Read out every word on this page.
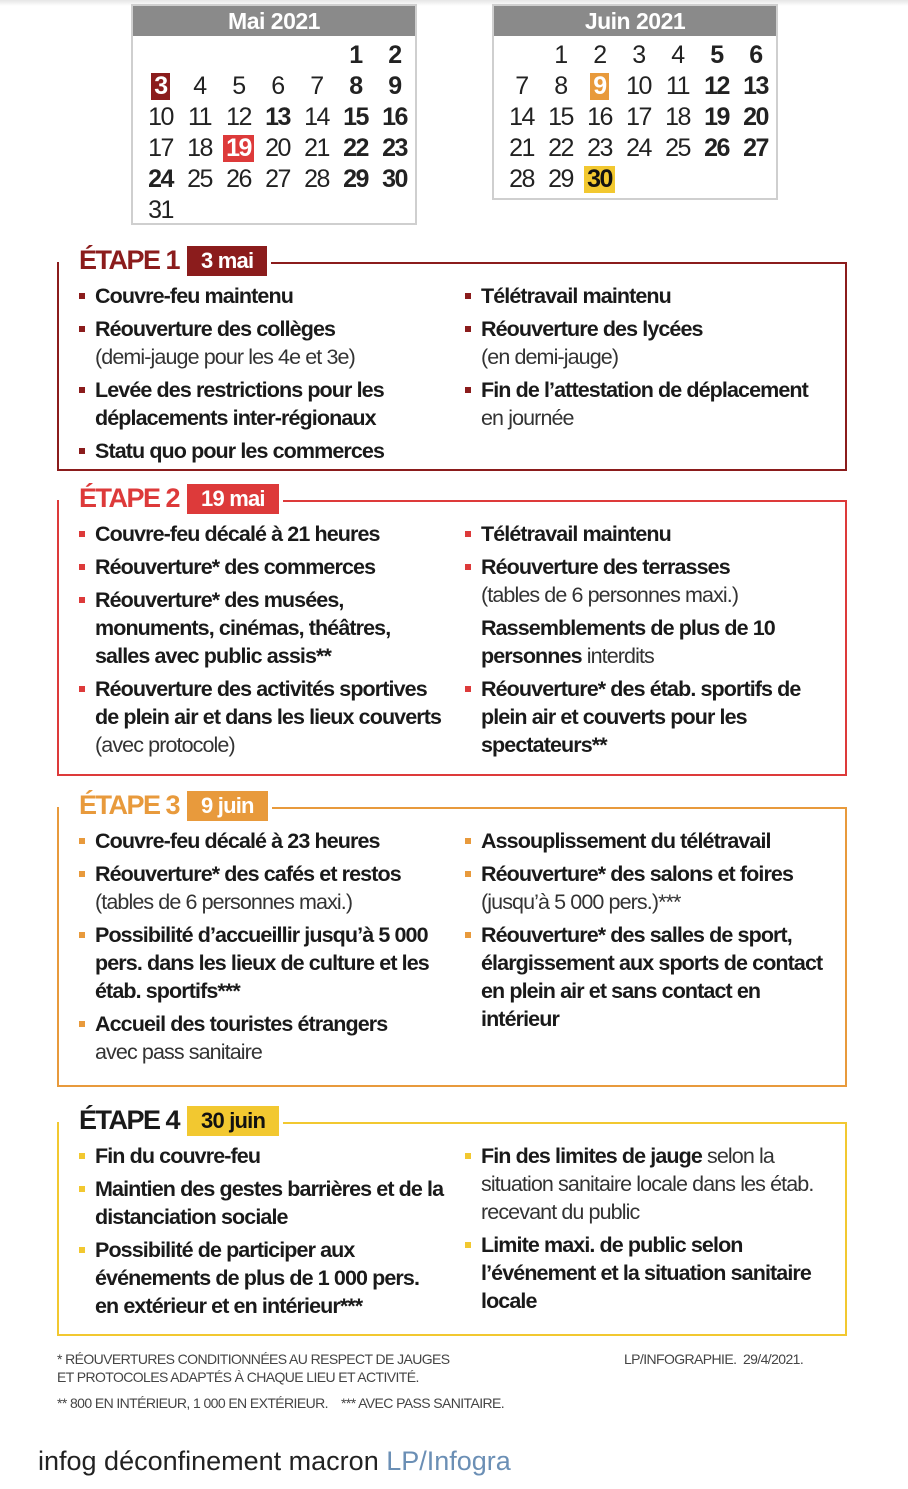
Mai 2021
					1	2
3	4	5	6	7	8	9
10	11	12	13	14	15	16
17	18	19	20	21	22	23
24	25	26	27	28	29	30
31						
Juin 2021
	1	2	3	4	5	6
7	8	9	10	11	12	13
14	15	16	17	18	19	20
21	22	23	24	25	26	27
28	29	30				
ÉTAPE 1	3 mai
Couvre-feu maintenu
Réouverture des collèges
(demi-jauge pour les 4e et 3e)
Levée des restrictions pour les déplacements inter-régionaux
Statu quo pour les commerces
Télétravail maintenu
Réouverture des lycées
(en demi-jauge)
Fin de l’attestation de déplacement
en journée
ÉTAPE 2	19 mai
Couvre-feu décalé à 21 heures
Réouverture* des commerces
Réouverture* des musées, monuments, cinémas, théâtres, salles avec public assis**
Réouverture des activités sportives de plein air et dans les lieux couverts (avec protocole)
Télétravail maintenu
Réouverture des terrasses
(tables de 6 personnes maxi.)
Rassemblements de plus de 10 personnes interdits
Réouverture* des étab. sportifs de plein air et couverts pour les spectateurs**
ÉTAPE 3	9 juin
Couvre-feu décalé à 23 heures
Réouverture* des cafés et restos
(tables de 6 personnes maxi.)
Possibilité d’accueillir jusqu’à 5 000 pers. dans les lieux de culture et les étab. sportifs***
Accueil des touristes étrangers
avec pass sanitaire
Assouplissement du télétravail
Réouverture* des salons et foires
(jusqu’à 5 000 pers.)***
Réouverture* des salles de sport, élargissement aux sports de contact en plein air et sans contact en intérieur
ÉTAPE 4	30 juin
Fin du couvre-feu
Maintien des gestes barrières et de la distanciation sociale
Possibilité de participer aux événements de plus de 1 000 pers. en extérieur et en intérieur***
Fin des limites de jauge selon la situation sanitaire locale dans les étab. recevant du public
Limite maxi. de public selon l’événement et la situation sanitaire locale
* RÉOUVERTURES CONDITIONNÉES AU RESPECT DE JAUGES
ET PROTOCOLES ADAPTÉS À CHAQUE LIEU ET ACTIVITÉ.
** 800 EN INTÉRIEUR, 1 000 EN EXTÉRIEUR.    *** AVEC PASS SANITAIRE.
LP/INFOGRAPHIE.  29/4/2021.
infog déconfinement macron LP/Infogra
